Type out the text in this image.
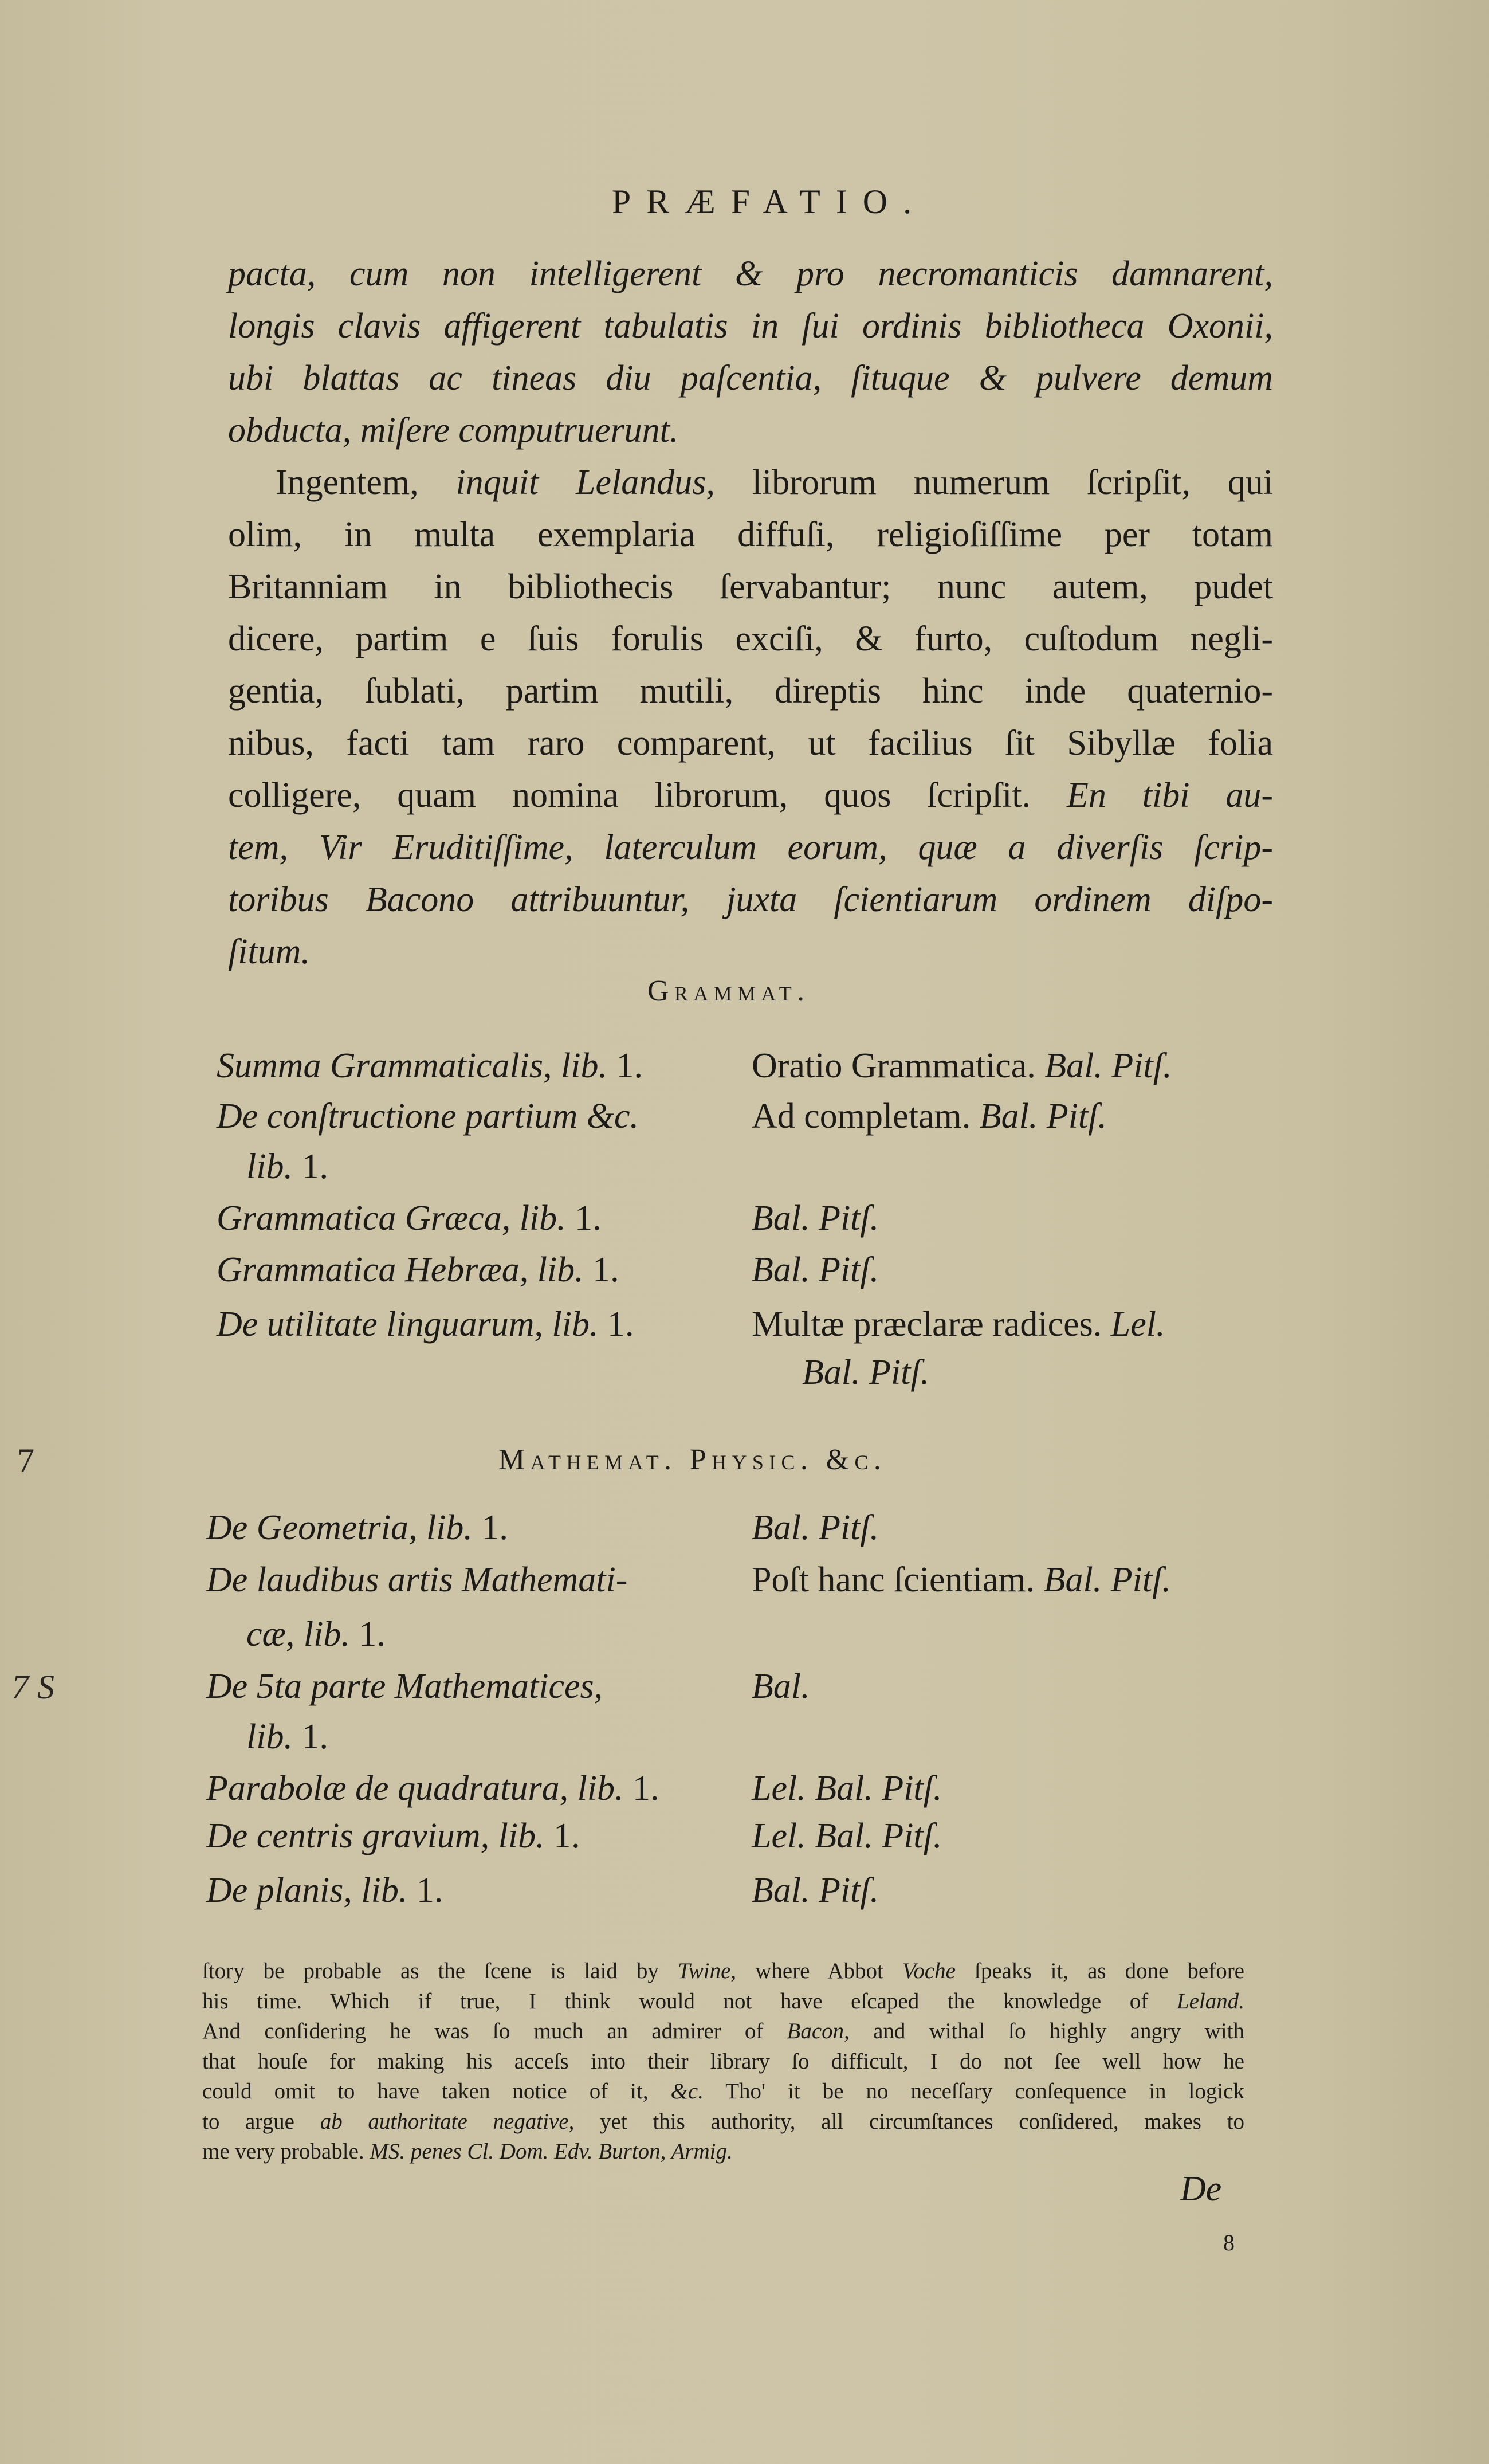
PRÆFATIO.
pacta, cum non intelligerent & pro necromanticis damnarent,
longis clavis affigerent tabulatis in ſui ordinis bibliotheca Oxonii,
ubi blattas ac tineas diu paſcentia, ſituque & pulvere demum
obducta, miſere computruerunt.
Ingentem, inquit Lelandus, librorum numerum ſcripſit, qui
olim, in multa exemplaria diffuſi, religioſiſſime per totam
Britanniam in bibliothecis ſervabantur; nunc autem, pudet
dicere, partim e ſuis forulis exciſi, & furto, cuſtodum negli-
gentia, ſublati, partim mutili, direptis hinc inde quaternio-
nibus, facti tam raro comparent, ut facilius ſit Sibyllæ folia
colligere, quam nomina librorum, quos ſcripſit. En tibi au-
tem, Vir Eruditiſſime, laterculum eorum, quæ a diverſis ſcrip-
toribus Bacono attribuuntur, juxta ſcientiarum ordinem diſpo-
ſitum.
Grammat.
Summa Grammaticalis, lib. 1.	Oratio Grammatica. Bal. Pitſ.
De conſtructione partium &c.	Ad completam. Bal. Pitſ.
lib. 1.
Grammatica Græca, lib. 1.	Bal. Pitſ.
Grammatica Hebræa, lib. 1.	Bal. Pitſ.
De utilitate linguarum, lib. 1.	Multæ præclaræ radices. Lel.
Bal. Pitſ.
Mathemat. Physic. &c.
De Geometria, lib. 1.	Bal. Pitſ.
De laudibus artis Mathemati-	Poſt hanc ſcientiam. Bal. Pitſ.
cæ, lib. 1.
De 5ta parte Mathematices,	Bal.
lib. 1.
Parabolæ de quadratura, lib. 1.	Lel. Bal. Pitſ.
De centris gravium, lib. 1.	Lel. Bal. Pitſ.
De planis, lib. 1.	Bal. Pitſ.
ſtory be probable as the ſcene is laid by Twine, where Abbot Voche ſpeaks it, as done before
his time. Which if true, I think would not have eſcaped the knowledge of Leland.
And conſidering he was ſo much an admirer of Bacon, and withal ſo highly angry with
that houſe for making his acceſs into their library ſo difficult, I do not ſee well how he
could omit to have taken notice of it, &c. Tho' it be no neceſſary conſequence in logick
to argue ab authoritate negative, yet this authority, all circumſtances conſidered, makes to
me very probable. MS. penes Cl. Dom. Edv. Burton, Armig.
De
8
7
7 S
